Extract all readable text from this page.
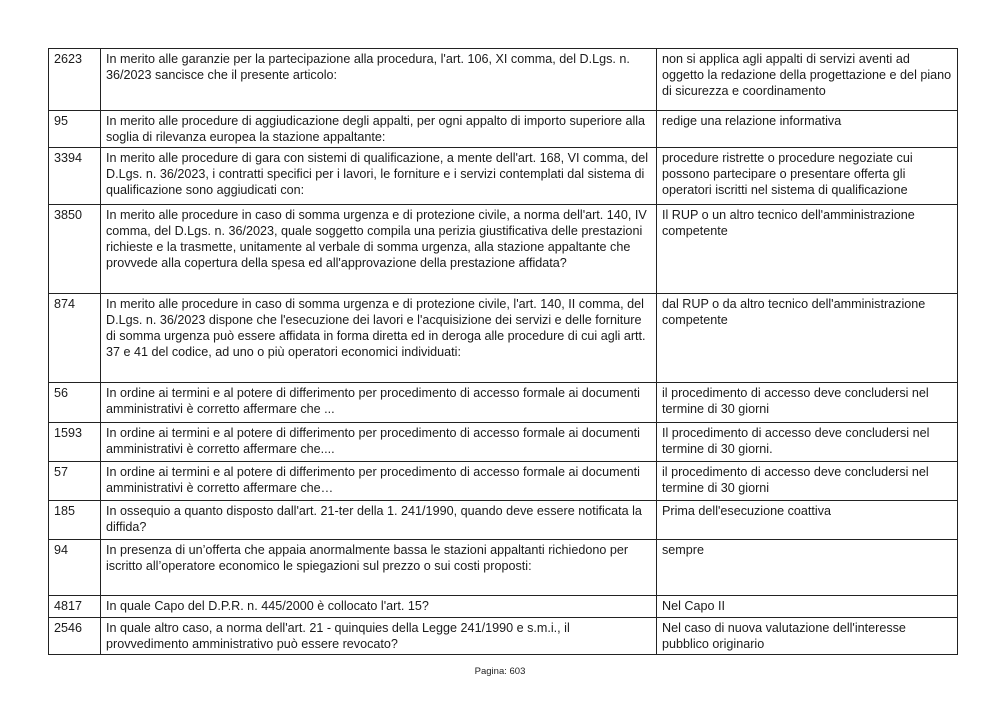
2623	In merito alle garanzie per la partecipazione alla procedura, l'art. 106, XI comma, del D.Lgs. n. 36/2023 sancisce che il presente articolo:	non si applica agli appalti di servizi aventi ad oggetto la redazione della progettazione e del piano di sicurezza e coordinamento
95	In merito alle procedure di aggiudicazione degli appalti, per ogni appalto di importo superiore alla soglia di rilevanza europea la stazione appaltante:	redige una relazione informativa
3394	In merito alle procedure di gara con sistemi di qualificazione, a mente dell'art. 168, VI comma, del D.Lgs. n. 36/2023, i contratti specifici per i lavori, le forniture e i servizi contemplati dal sistema di qualificazione sono aggiudicati con:	procedure ristrette o procedure negoziate cui possono partecipare o presentare offerta gli operatori iscritti nel sistema di qualificazione
3850	In merito alle procedure in caso di somma urgenza e di protezione civile, a norma dell'art. 140, IV comma, del D.Lgs. n. 36/2023, quale soggetto compila una perizia giustificativa delle prestazioni richieste e la trasmette, unitamente al verbale di somma urgenza, alla stazione appaltante che provvede alla copertura della spesa ed all'approvazione della prestazione affidata?	Il RUP o un altro tecnico dell'amministrazione competente
874	In merito alle procedure in caso di somma urgenza e di protezione civile, l'art. 140, II comma, del D.Lgs. n. 36/2023 dispone che l'esecuzione dei lavori e l'acquisizione dei servizi e delle forniture di somma urgenza può essere affidata in forma diretta ed in deroga alle procedure di cui agli artt. 37 e 41 del codice, ad uno o più operatori economici individuati:	dal RUP o da altro tecnico dell'amministrazione competente
56	In ordine ai termini e al potere di differimento per procedimento di accesso formale ai documenti amministrativi è corretto affermare che ...	il procedimento di accesso deve concludersi nel termine di 30 giorni
1593	In ordine ai termini e al potere di differimento per procedimento di accesso formale ai documenti amministrativi è corretto affermare che....	Il procedimento di accesso deve concludersi nel termine di 30 giorni.
57	In ordine ai termini e al potere di differimento per procedimento di accesso formale ai documenti amministrativi è corretto affermare che…	il procedimento di accesso deve concludersi nel termine di 30 giorni
185	In ossequio a quanto disposto dall'art. 21-ter della 1. 241/1990, quando deve essere notificata la diffida?	Prima dell'esecuzione coattiva
94	In presenza di un’offerta che appaia anormalmente bassa le stazioni appaltanti richiedono per iscritto all’operatore economico le spiegazioni sul prezzo o sui costi proposti:	sempre
4817	In quale Capo del D.P.R. n. 445/2000 è collocato l'art. 15?	Nel Capo II
2546	In quale altro caso, a norma dell'art. 21 - quinquies della Legge 241/1990 e s.m.i., il provvedimento amministrativo può essere revocato?	Nel caso di nuova valutazione dell'interesse pubblico originario
Pagina: 603
